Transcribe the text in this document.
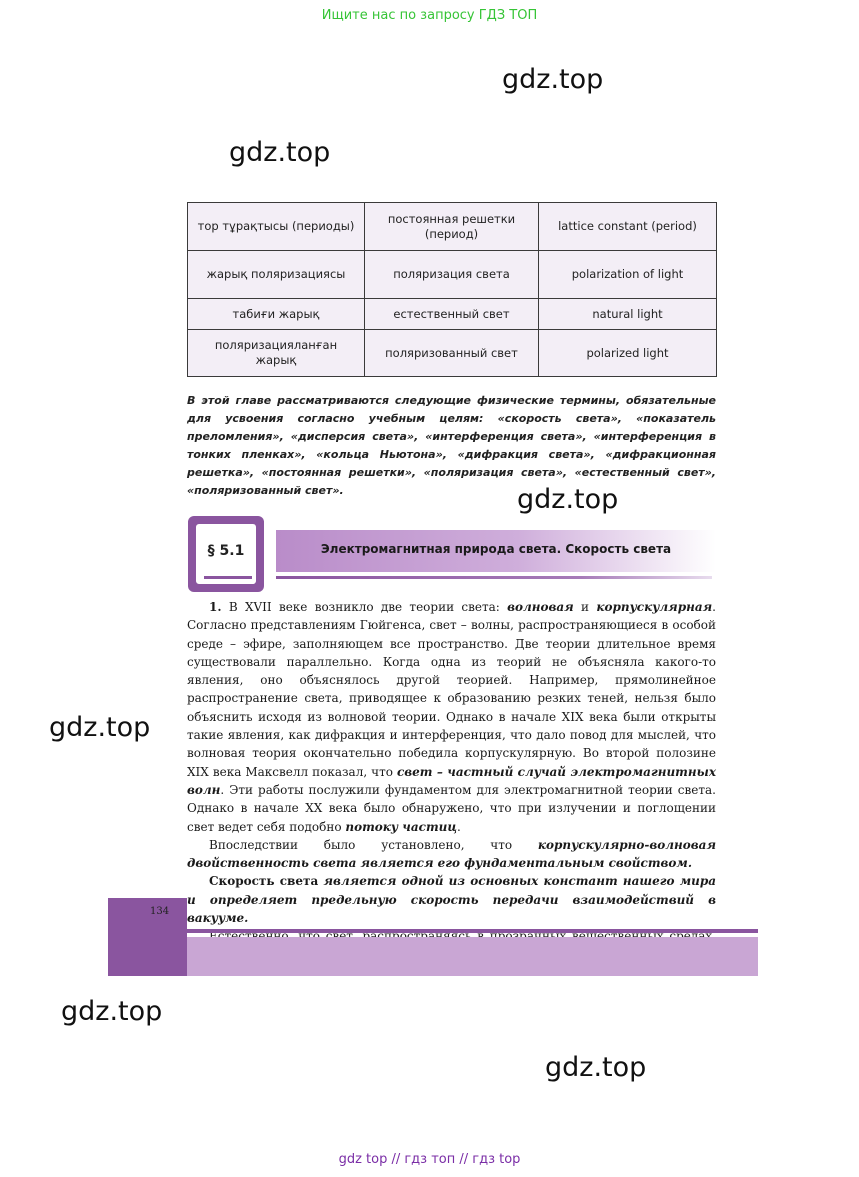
Ищите нас по запросу ГДЗ ТОП
gdz.top
gdz.top
тор тұрақтысы (периоды)	постоянная решетки (период)	lattice constant (period)
жарық поляризациясы	поляризация света	polarization of light
табиғи жарық	естественный свет	natural light
поляризацияланған жарық	поляризованный свет	polarized light
В этой главе рассматриваются следующие физические термины, обязательные для усвоения согласно учебным целям: «скорость света», «показатель преломления», «дисперсия света», «интерференция света», «интерференция в тонких пленках», «кольца Ньютона», «дифракция света», «дифракционная решетка», «постоянная решетки», «поляризация света», «естественный свет», «поляризованный свет».	gdz.top
§ 5.1	Электромагнитная природа света. Скорость света

1. В XVII веке возникло две теории света: волновая и корпускулярная. Согласно представлениям Гюйгенса, свет – волны, распространяющиеся в особой среде – эфире, заполняющем все пространство. Две теории длительное время существовали параллельно. Когда одна из теорий не объясняла какого-то явления, оно объяснялось другой теорией. Например, прямолинейное распространение света, приводящее к образованию резких теней, нельзя было объяснить исходя из волновой теории. Однако в начале XIX века были открыты такие явления, как дифракция и интерференция, что дало повод для мыслей, что волновая теория окончательно победила корпускулярную. Во второй полозине XIX века Максвелл показал, что свет – частный случай электромагнитных волн. Эти работы послужили фундаментом для электромагнитной теории света. Однако в начале XX века было обнаружено, что при излучении и поглощении свет ведет себя подобно потоку частиц.

Впоследствии было установлено, что корпускулярно-волновая двойственность света является его фундаментальным свойством.

Скорость света является одной из основных констант нашего мира и определяет предельную скорость передачи взаимодействий в вакууме.

gdz.top
134
gdz.top
gdz.top
gdz top // гдз топ // гдз top
